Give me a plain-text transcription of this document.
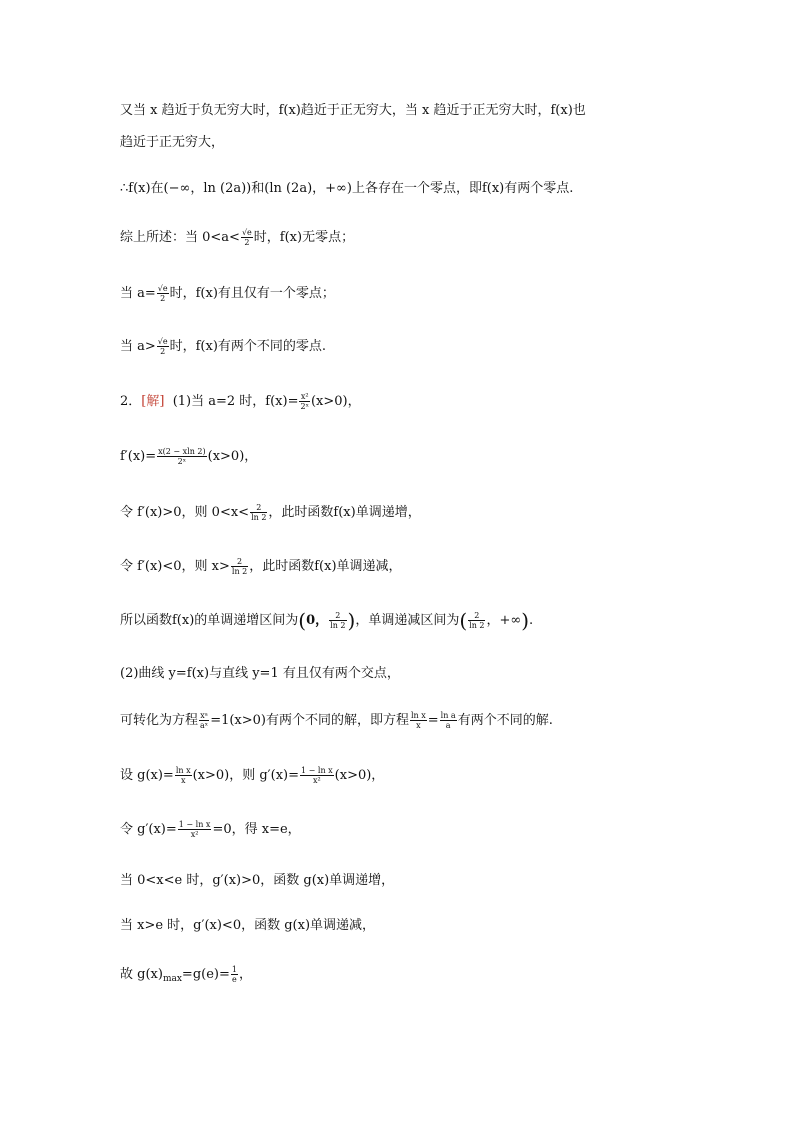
又当 x 趋近于负无穷大时，f(x)趋近于正无穷大，当 x 趋近于正无穷大时，f(x)也
趋近于正无穷大，
∴f(x)在(−∞，ln (2a))和(ln (2a)，+∞)上各存在一个零点，即f(x)有两个零点.
综上所述：当 $0<a< \frac{√e}{2}$ 时，f(x)无零点；
当 $a= \frac{√e}{2}$ 时，f(x)有且仅有一个零点；
当 $a> \frac{√e}{2}$ 时，f(x)有两个不同的零点.
2．[解] (1)当 a=2 时，$f(x)= \frac{\text{x²}}{\text{2ˣ}} (x>0)$，
$f'(x)= \frac{x(2 - xln 2)}{\text{2ˣ}} (x>0)$，
令 f′(x)>0，则 $0<x< \frac{2}{\ln 2}$ ，此时函数f(x)单调递增，
令 f′(x)<0，则 $x> \frac{2}{\ln 2}$ ，此时函数f(x)单调递减，
所以函数f(x)的单调递增区间为(0， $\frac{2}{\ln 2}$ )，单调递减区间为( $\frac{2}{\ln 2}$ ，+∞).
(2)曲线 y=f(x)与直线 y=1 有且仅有两个交点，
可转化为方程 $\frac{\text{xᵃ}}{\text{aˣ}} =1(x>0)$有两个不同的解，即方程 $\frac{\text{ln x}}{x} = \frac{\text{ln a}}{a}$ 有两个不同的解.
设 $g(x)= \frac{\text{ln x}}{x} (x>0)$，则 $g'(x)= \frac{\text{1 − ln x}}{\text{x²}} (x>0)$，
令 $g'(x)= \frac{\text{1 − ln x}}{\text{x²}} =0$，得 x=e，
当 0<x<e 时，g′(x)>0，函数 g(x)单调递增，
当 x>e 时，g′(x)<0，函数 g(x)单调递减，
故 $g(x)_{max}=g(e)= \frac{1}{e}$ ，
